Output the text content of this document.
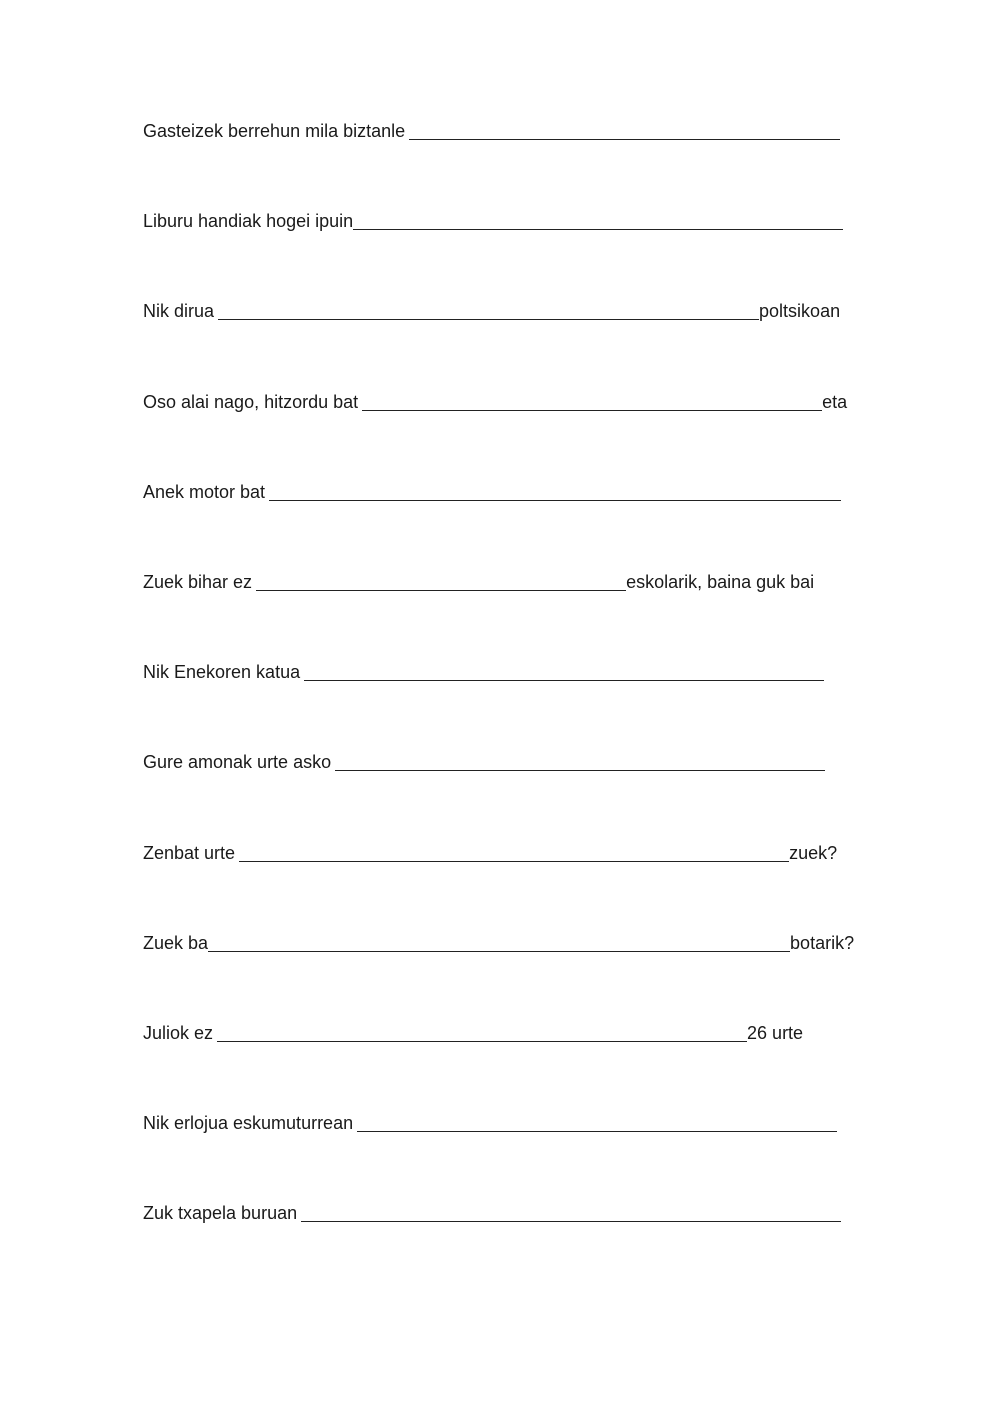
Gasteizek berrehun mila biztanle
Liburu handiak hogei ipuin
Nik dirua	poltsikoan
Oso alai nago, hitzordu bat	eta
Anek motor bat
Zuek bihar ez	eskolarik, baina guk bai
Nik Enekoren katua
Gure amonak urte asko
Zenbat urte	zuek?
Zuek ba	botarik?
Juliok ez	26 urte
Nik erlojua eskumuturrean
Zuk txapela buruan
